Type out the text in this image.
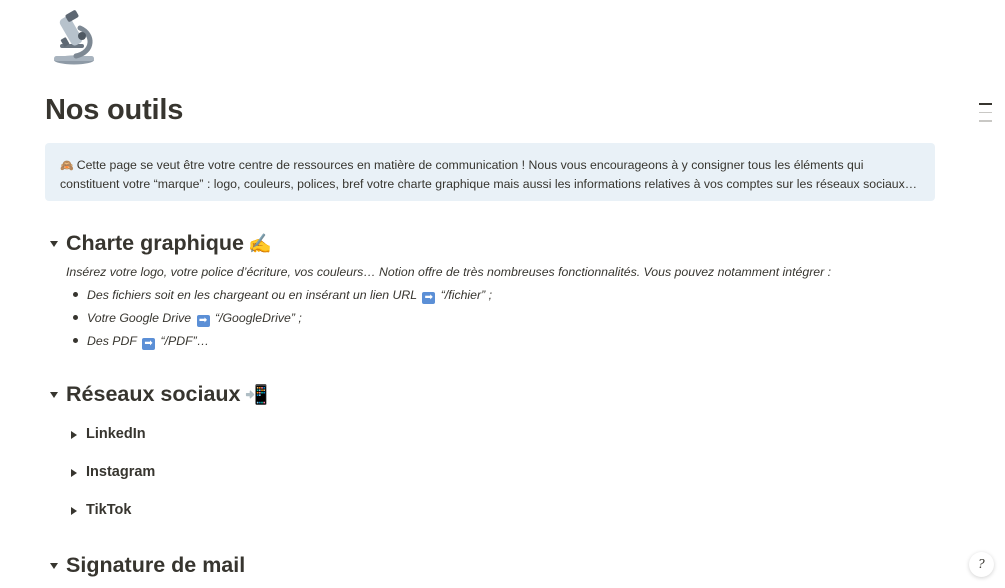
Nos outils
🙈 Cette page se veut être votre centre de ressources en matière de communication ! Nous vous encourageons à y consigner tous les éléments qui constituent votre “marque” : logo, couleurs, polices, bref votre charte graphique mais aussi les informations relatives à vos comptes sur les réseaux sociaux…
Charte graphique ✍️
Insérez votre logo, votre police d’écriture, vos couleurs… Notion offre de très nombreuses fonctionnalités. Vous pouvez notamment intégrer :
Des fichiers soit en les chargeant ou en insérant un lien URL ➡ “/fichier” ;
Votre Google Drive ➡ “/GoogleDrive” ;
Des PDF ➡ “/PDF”…
Réseaux sociaux 📲
LinkedIn
Instagram
TikTok
Signature de mail	?
